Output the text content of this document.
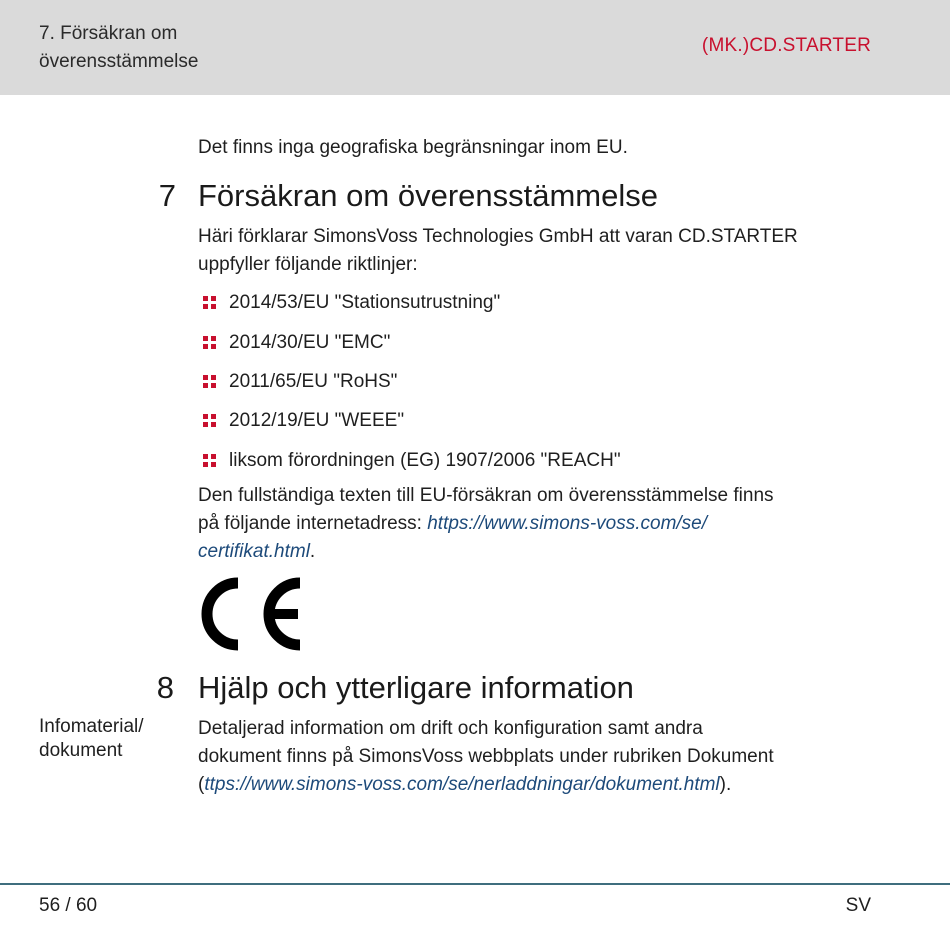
7. Försäkran om
överensstämmelse
(MK.)CD.STARTER
Det finns inga geografiska begränsningar inom EU.
7 Försäkran om överensstämmelse
Häri förklarar SimonsVoss Technologies GmbH att varan CD.STARTER
uppfyller följande riktlinjer:
2014/53/EU "Stationsutrustning"
2014/30/EU "EMC"
2011/65/EU "RoHS"
2012/19/EU "WEEE"
liksom förordningen (EG) 1907/2006 "REACH"
Den fullständiga texten till EU-försäkran om överensstämmelse finns
på följande internetadress: https://www.simons-voss.com/se/
certifikat.html.
8 Hjälp och ytterligare information
Infomaterial/
dokument
Detaljerad information om drift och konfiguration samt andra
dokument finns på SimonsVoss webbplats under rubriken Dokument
(ttps://www.simons-voss.com/se/nerladdningar/dokument.html).
56 / 60	SV
